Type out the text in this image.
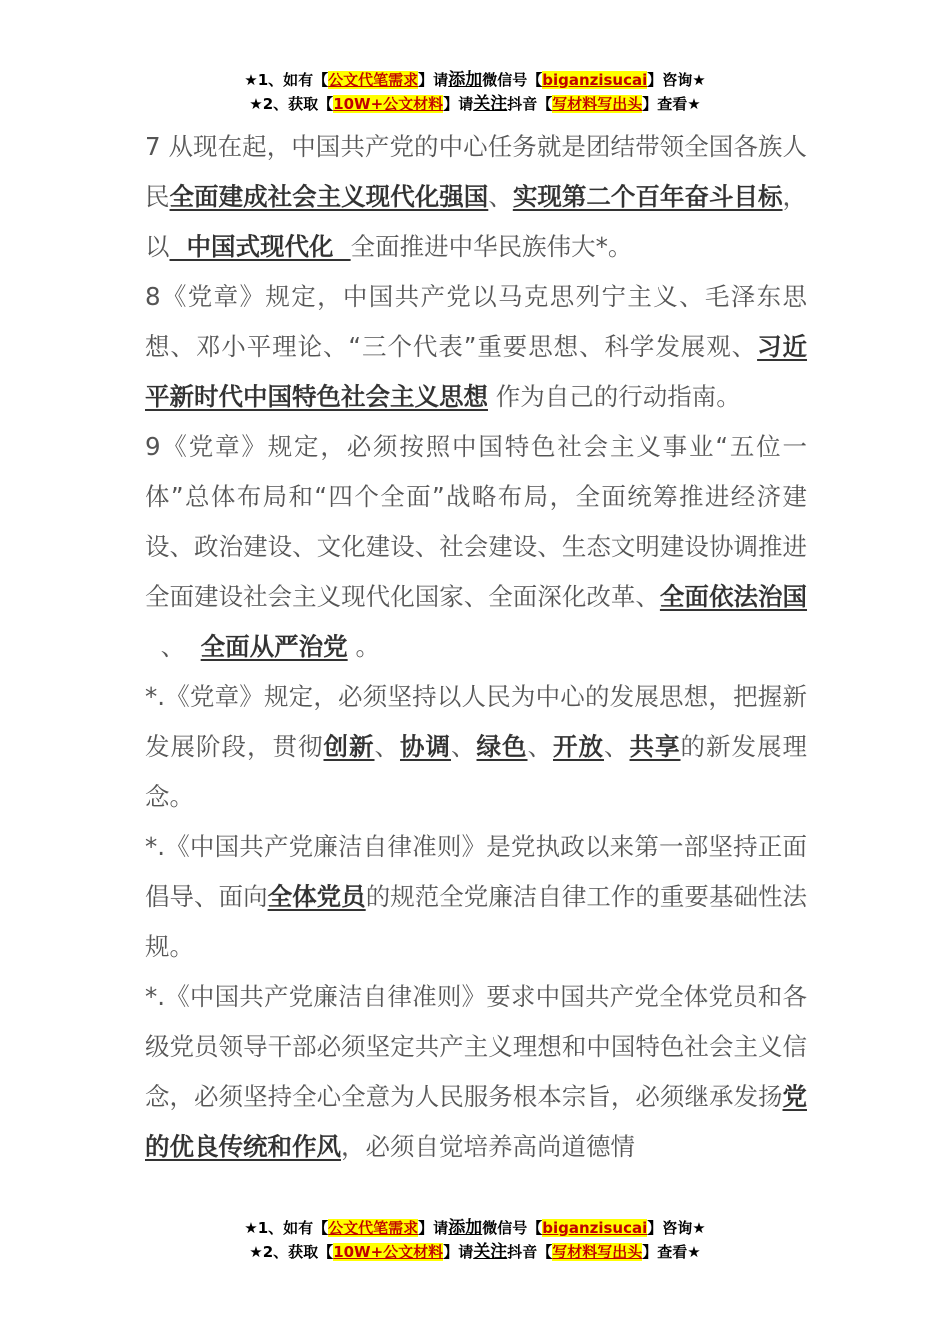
★1、如有【公文代笔需求】请添加微信号【biganzisucai】咨询★
★2、获取【10W+公文材料】请关注抖音【写材料写出头】查看★

7 从现在起，中国共产党的中心任务就是团结带领全国各族人民全面建成社会主义现代化强国、实现第二个百年奋斗目标，以  中国式现代化  全面推进中华民族伟大*。

8《党章》规定，中国共产党以马克思列宁主义、毛泽东思想、邓小平理论、“三个代表”重要思想、科学发展观、习近平新时代中国特色社会主义思想 作为自己的行动指南。

9《党章》规定，必须按照中国特色社会主义事业“五位一体”总体布局和“四个全面”战略布局，全面统筹推进经济建设、政治建设、文化建设、社会建设、生态文明建设协调推进全面建设社会主义现代化国家、全面深化改革、全面依法治国  、  全面从严治党 。

*.《党章》规定，必须坚持以人民为中心的发展思想，把握新发展阶段，贯彻创新、协调、绿色、开放、共享的新发展理念。

*.《中国共产党廉洁自律准则》是党执政以来第一部坚持正面倡导、面向全体党员的规范全党廉洁自律工作的重要基础性法规。

*.《中国共产党廉洁自律准则》要求中国共产党全体党员和各级党员领导干部必须坚定共产主义理想和中国特色社会主义信念，必须坚持全心全意为人民服务根本宗旨，必须继承发扬党的优良传统和作风，必须自觉培养高尚道德情

★1、如有【公文代笔需求】请添加微信号【biganzisucai】咨询★
★2、获取【10W+公文材料】请关注抖音【写材料写出头】查看★
